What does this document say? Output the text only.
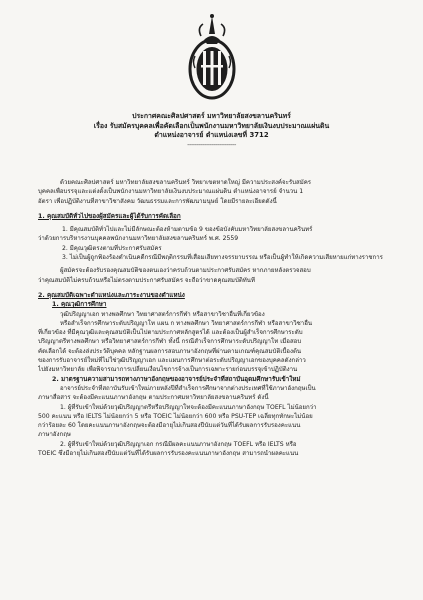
ประกาศคณะศิลปศาสตร์ มหาวิทยาลัยสงขลานครินทร์
เรื่อง รับสมัครบุคคลเพื่อคัดเลือกเป็นพนักงานมหาวิทยาลัยเงินงบประมาณแผ่นดิน
ตำแหน่งอาจารย์ ตำแหน่งเลขที่ 3712
--------------------------
ด้วยคณะศิลปศาสตร์ มหาวิทยาลัยสงขลานครินทร์ วิทยาเขตหาดใหญ่ มีความประสงค์จะรับสมัคร
บุคคลเพื่อบรรจุและแต่งตั้งเป็นพนักงานมหาวิทยาลัยเงินงบประมาณแผ่นดิน ตำแหน่งอาจารย์ จำนวน 1
อัตรา เพื่อปฏิบัติงานที่สาขาวิชาสังคม วัฒนธรรมและการพัฒนามนุษย์ โดยมีรายละเอียดดังนี้
1. คุณสมบัติทั่วไปของผู้สมัครและผู้ได้รับการคัดเลือก
1. มีคุณสมบัติทั่วไปและไม่มีลักษณะต้องห้ามตามข้อ 9 ของข้อบังคับมหาวิทยาลัยสงขลานครินทร์
ว่าด้วยการบริหารงานบุคคลพนักงานมหาวิทยาลัยสงขลานครินทร์ พ.ศ. 2559
2. มีคุณวุฒิตรงตามที่ประกาศรับสมัคร
3. ไม่เป็นผู้ถูกฟ้องร้องดำเนินคดีกรณีมีพฤติกรรมที่เสื่อมเสียทางจรรยาบรรณ หรือเป็นผู้ทำให้เกิดความเสียหายแก่ทางราชการ
ผู้สมัครจะต้องรับรองคุณสมบัติของตนเองว่าครบถ้วนตามประกาศรับสมัคร หากภายหลังตรวจสอบ
ว่าคุณสมบัติไม่ครบถ้วนหรือไม่ตรงตามประกาศรับสมัคร จะถือว่าขาดคุณสมบัติทันที
2. คุณสมบัติเฉพาะตำแหน่งและภาระงานของตำแหน่ง
1. คุณวุฒิการศึกษา
วุฒิปริญญาเอก ทางพลศึกษา วิทยาศาสตร์การกีฬา หรือสาขาวิชาอื่นที่เกี่ยวข้อง
หรือสำเร็จการศึกษาระดับปริญญาโท แผน ก ทางพลศึกษา วิทยาศาสตร์การกีฬา หรือสาขาวิชาอื่น
ที่เกี่ยวข้อง ที่มีคุณวุฒิและคุณสมบัติเป็นไปตามประกาศหลักสูตรได้ และต้องเป็นผู้สำเร็จการศึกษาระดับ
ปริญญาตรีทางพลศึกษา หรือวิทยาศาสตร์การกีฬา ทั้งนี้ กรณีสำเร็จการศึกษาระดับปริญญาโท เมื่อสอบ
คัดเลือกได้ จะต้องส่งประวัติบุคคล หลักฐานผลการสอบภาษาอังกฤษที่ผ่านตามเกณฑ์คุณสมบัติเบื้องต้น
ของการรับอาจารย์ใหม่ที่ไม่ใช่วุฒิปริญญาเอก และแผนการศึกษาต่อระดับปริญญาเอกของบุคคลดังกล่าว
ไปยังมหาวิทยาลัย เพื่อพิจารณาการเปลี่ยนเงื่อนไขการจ้างเป็นการเฉพาะรายก่อนบรรจุเข้าปฏิบัติงาน
2. มาตรฐานความสามารถทางภาษาอังกฤษของอาจารย์ประจำที่สถาบันอุดมศึกษารับเข้าใหม่
อาจารย์ประจำที่สถาบันรับเข้าใหม่ภายหลังปีที่สำเร็จการศึกษาจากต่างประเทศที่ใช้ภาษาอังกฤษเป็น
ภาษาสื่อสาร จะต้องมีคะแนนภาษาอังกฤษ ตามประกาศมหาวิทยาลัยสงขลานครินทร์ ดังนี้
1. ผู้ที่รับเข้าใหม่ด้วยวุฒิปริญญาตรีหรือปริญญาโทจะต้องมีคะแนนภาษาอังกฤษ TOEFL ไม่น้อยกว่า
500 คะแนน หรือ IELTS ไม่น้อยกว่า 5 หรือ TOEIC ไม่น้อยกว่า 600 หรือ PSU-TEP เฉลี่ยทุกทักษะไม่น้อย
กว่าร้อยละ 60 โดยคะแนนภาษาอังกฤษจะต้องมีอายุไม่เกินสองปีนับแต่วันที่ได้รับผลการรับรองคะแนน
ภาษาอังกฤษ
2. ผู้ที่รับเข้าใหม่ด้วยวุฒิปริญญาเอก กรณีมีผลคะแนนภาษาอังกฤษ TOEFL หรือ IELTS หรือ
TOEIC ซึ่งมีอายุไม่เกินสองปีนับแต่วันที่ได้รับผลการรับรองคะแนนภาษาอังกฤษ สามารถนำผลคะแนน
